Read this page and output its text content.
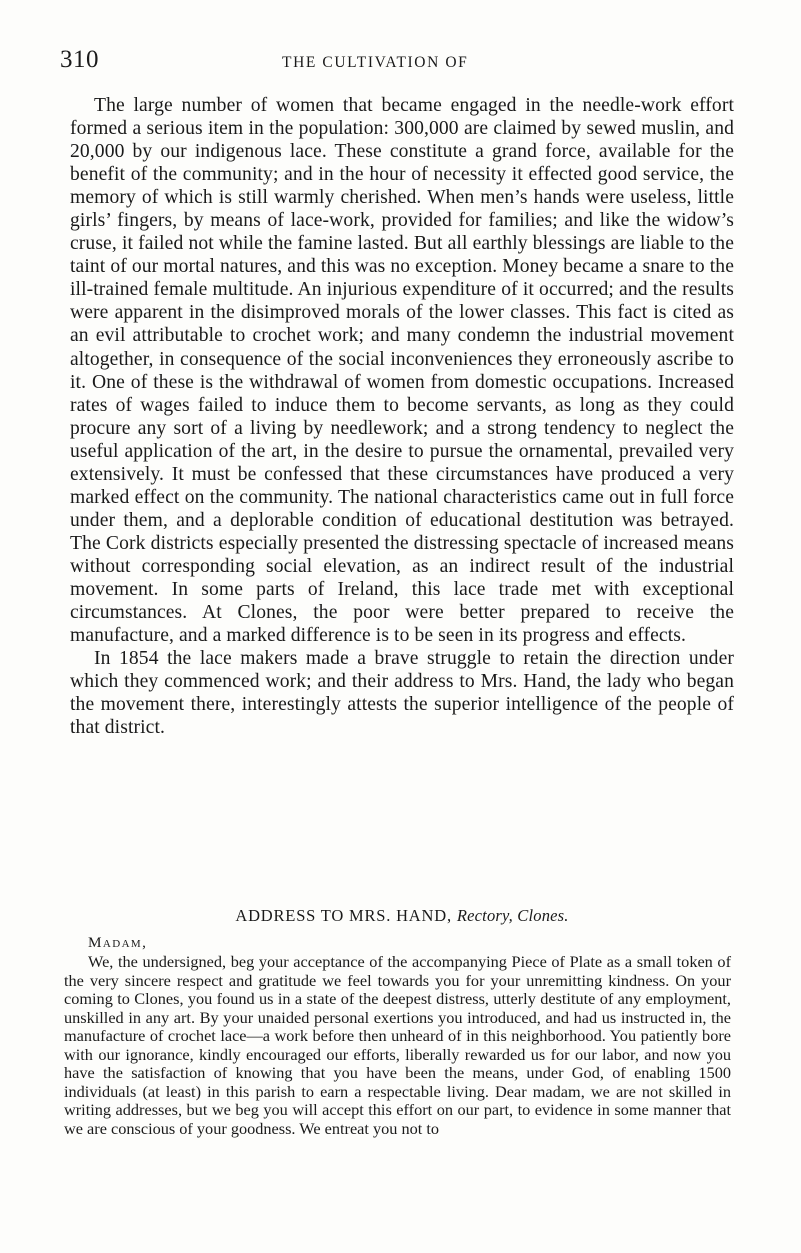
310	THE CULTIVATION OF

The large number of women that became engaged in the needle-work effort formed a serious item in the population: 300,000 are claimed by sewed muslin, and 20,000 by our indigenous lace. These constitute a grand force, available for the benefit of the community; and in the hour of necessity it effected good service, the memory of which is still warmly cherished. When men’s hands were useless, little girls’ fingers, by means of lace-work, provided for families; and like the widow’s cruse, it failed not while the famine lasted. But all earthly blessings are liable to the taint of our mortal natures, and this was no exception. Money became a snare to the ill-trained female multitude. An injurious expenditure of it occurred; and the results were apparent in the disimproved morals of the lower classes. This fact is cited as an evil attributable to crochet work; and many condemn the industrial movement altogether, in consequence of the social inconveniences they erroneously ascribe to it. One of these is the withdrawal of women from domestic occupations. Increased rates of wages failed to induce them to become servants, as long as they could procure any sort of a living by needlework; and a strong tendency to neglect the useful application of the art, in the desire to pursue the ornamental, prevailed very extensively. It must be confessed that these circumstances have produced a very marked effect on the community. The national characteristics came out in full force under them, and a deplorable condition of educational destitution was betrayed. The Cork districts especially presented the distressing spectacle of increased means without corresponding social elevation, as an indirect result of the industrial movement. In some parts of Ireland, this lace trade met with exceptional circumstances. At Clones, the poor were better prepared to receive the manufacture, and a marked difference is to be seen in its progress and effects.

In 1854 the lace makers made a brave struggle to retain the direction under which they commenced work; and their address to Mrs. Hand, the lady who began the movement there, interestingly attests the superior intelligence of the people of that district.

ADDRESS TO MRS. HAND, Rectory, Clones.

Madam,

We, the undersigned, beg your acceptance of the accompanying Piece of Plate as a small token of the very sincere respect and gratitude we feel towards you for your unremitting kindness. On your coming to Clones, you found us in a state of the deepest distress, utterly destitute of any employment, unskilled in any art. By your unaided personal exertions you introduced, and had us instructed in, the manufacture of crochet lace—a work before then unheard of in this neighborhood. You patiently bore with our ignorance, kindly encouraged our efforts, liberally rewarded us for our labor, and now you have the satisfaction of knowing that you have been the means, under God, of enabling 1500 individuals (at least) in this parish to earn a respectable living. Dear madam, we are not skilled in writing addresses, but we beg you will accept this effort on our part, to evidence in some manner that we are conscious of your goodness. We entreat you not to
